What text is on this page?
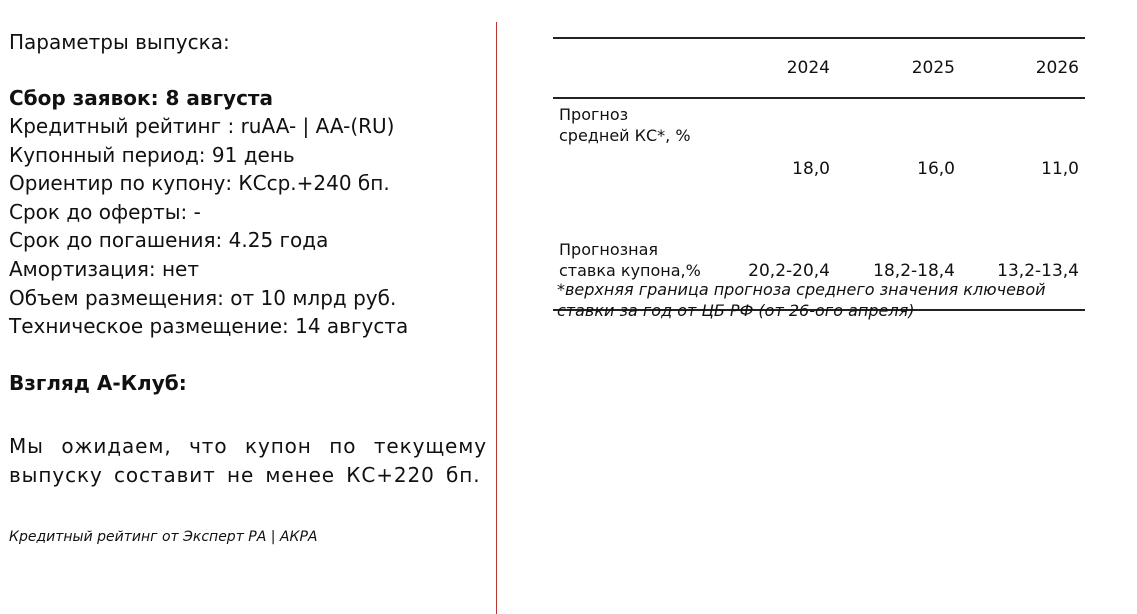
Параметры выпуска:
Сбор заявок: 8 августа
Кредитный рейтинг : ruAA- | AA-(RU)
Купонный период: 91 день
Ориентир по купону: КСср.+240 бп.
Срок до оферты: -
Срок до погашения: 4.25 года
Амортизация: нет
Объем размещения: от 10 млрд руб.
Техническое размещение: 14 августа
Взгляд А-Клуб:
Мы ожидаем, что купон по текущему выпуску составит не менее КС+220 бп.
Кредитный рейтинг от Эксперт РА | АКРА
	2024	2025	2026
Прогноз
средней КС*, %	18,0	16,0	11,0
Прогнозная
ставка купона,%	20,2-20,4	18,2-18,4	13,2-13,4
*верхняя граница прогноза среднего значения ключевой ставки за год от ЦБ РФ (от 26-ого апреля)
